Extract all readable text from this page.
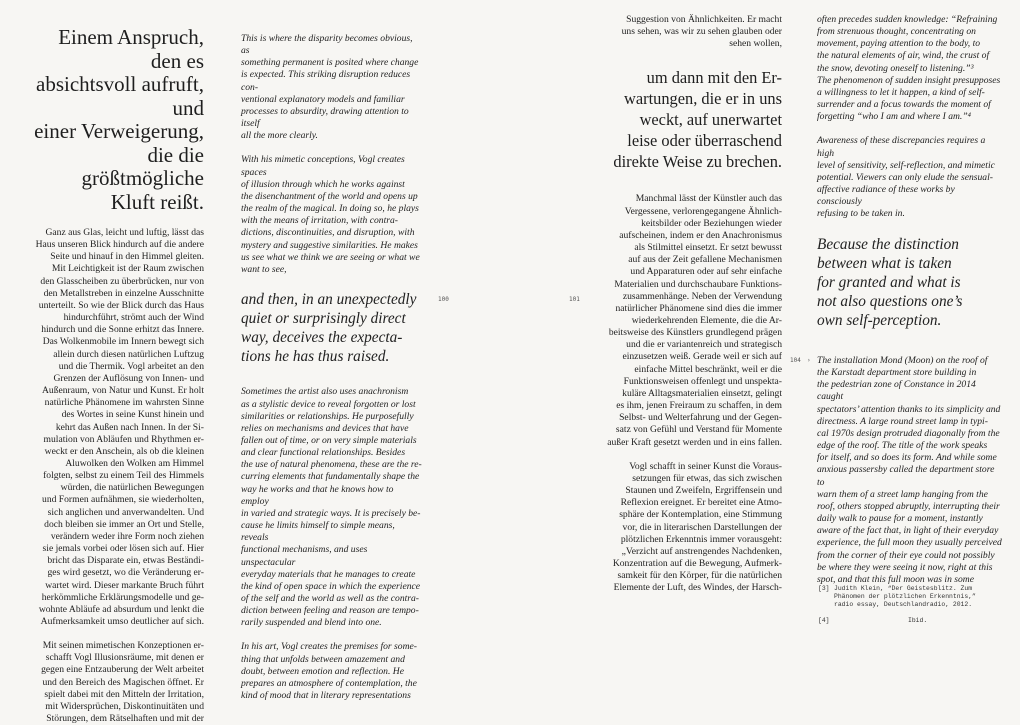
Einem Anspruch, den es
absichtsvoll aufruft, und
einer Verweigerung, die die
größtmögliche Kluft reißt.

Ganz aus Glas, leicht und luftig, lässt das
Haus unseren Blick hindurch auf die andere
Seite und hinauf in den Himmel gleiten.
Mit Leichtigkeit ist der Raum zwischen
den Glasscheiben zu überbrücken, nur von
den Metallstreben in einzelne Ausschnitte
unterteilt. So wie der Blick durch das Haus
hindurchführt, strömt auch der Wind
hindurch und die Sonne erhitzt das Innere.
Das Wolkenmobile im Innern bewegt sich
allein durch diesen natürlichen Luftzug
und die Thermik. Vogl arbeitet an den
Grenzen der Auflösung von Innen- und
Außenraum, von Natur und Kunst. Er holt
natürliche Phänomene im wahrsten Sinne
des Wortes in seine Kunst hinein und
kehrt das Außen nach Innen. In der Si-
mulation von Abläufen und Rhythmen er-
weckt er den Anschein, als ob die kleinen
Aluwolken den Wolken am Himmel
folgten, selbst zu einem Teil des Himmels
würden, die natürlichen Bewegungen
und Formen aufnähmen, sie wiederholten,
sich anglichen und anverwandelten. Und
doch bleiben sie immer an Ort und Stelle,
verändern weder ihre Form noch ziehen
sie jemals vorbei oder lösen sich auf. Hier
bricht das Disparate ein, etwas Beständi-
ges wird gesetzt, wo die Veränderung er-
wartet wird. Dieser markante Bruch führt
herkömmliche Erklärungsmodelle und ge-
wohnte Abläufe ad absurdum und lenkt die
Aufmerksamkeit umso deutlicher auf sich.

Mit seinen mimetischen Konzeptionen er-
schafft Vogl Illusionsräume, mit denen er
gegen eine Entzauberung der Welt arbeitet
und den Bereich des Magischen öffnet. Er
spielt dabei mit den Mitteln der Irritation,
mit Widersprüchen, Diskontinuitäten und
Störungen, dem Rätselhaften und mit der

This is where the disparity becomes obvious, as
something permanent is posited where change
is expected. This striking disruption reduces con-
ventional explanatory models and familiar
processes to absurdity, drawing attention to itself
all the more clearly.

With his mimetic conceptions, Vogl creates spaces
of illusion through which he works against
the disenchantment of the world and opens up
the realm of the magical. In doing so, he plays
with the means of irritation, with contra-
dictions, discontinuities, and disruption, with
mystery and suggestive similarities. He makes
us see what we think we are seeing or what we
want to see,

and then, in an unexpectedly
quiet or surprisingly direct
way, deceives the expecta-
tions he has thus raised.

Sometimes the artist also uses anachronism
as a stylistic device to reveal forgotten or lost
similarities or relationships. He purposefully
relies on mechanisms and devices that have
fallen out of time, or on very simple materials
and clear functional relationships. Besides
the use of natural phenomena, these are the re-
curring elements that fundamentally shape the
way he works and that he knows how to employ
in varied and strategic ways. It is precisely be-
cause he limits himself to simple means, reveals
functional mechanisms, and uses unspectacular
everyday materials that he manages to create
the kind of open space in which the experience
of the self and the world as well as the contra-
diction between feeling and reason are tempo-
rarily suspended and blend into one.

In his art, Vogl creates the premises for some-
thing that unfolds between amazement and
doubt, between emotion and reflection. He
prepares an atmosphere of contemplation, the
kind of mood that in literary representations

100	101

Suggestion von Ähnlichkeiten. Er macht
uns sehen, was wir zu sehen glauben oder
sehen wollen,

um dann mit den Er-
wartungen, die er in uns
weckt, auf unerwartet
leise oder überraschend
direkte Weise zu brechen.

Manchmal lässt der Künstler auch das
Vergessene, verlorengegangene Ähnlich-
keitsbilder oder Beziehungen wieder
aufscheinen, indem er den Anachronismus
als Stilmittel einsetzt. Er setzt bewusst
auf aus der Zeit gefallene Mechanismen
und Apparaturen oder auf sehr einfache
Materialien und durchschaubare Funktions-
zusammenhänge. Neben der Verwendung
natürlicher Phänomene sind dies die immer
wiederkehrenden Elemente, die die Ar-
beitsweise des Künstlers grundlegend prägen
und die er variantenreich und strategisch
einzusetzen weiß. Gerade weil er sich auf
einfache Mittel beschränkt, weil er die
Funktionsweisen offenlegt und unspekta-
kuläre Alltagsmaterialien einsetzt, gelingt
es ihm, jenen Freiraum zu schaffen, in dem
Selbst- und Welterfahrung und der Gegen-
satz von Gefühl und Verstand für Momente
außer Kraft gesetzt werden und in eins fallen.

Vogl schafft in seiner Kunst die Voraus-
setzungen für etwas, das sich zwischen
Staunen und Zweifeln, Ergriffensein und
Reflexion ereignet. Er bereitet eine Atmo-
sphäre der Kontemplation, eine Stimmung
vor, die in literarischen Darstellungen der
plötzlichen Erkenntnis immer vorausgeht:
„Verzicht auf anstrengendes Nachdenken,
Konzentration auf die Bewegung, Aufmerk-
samkeit für den Körper, für die natürlichen
Elemente der Luft, des Windes, der Harsch-

often precedes sudden knowledge: “Refraining
from strenuous thought, concentrating on
movement, paying attention to the body, to
the natural elements of air, wind, the crust of
the snow, devoting oneself to listening.”³
The phenomenon of sudden insight presupposes
a willingness to let it happen, a kind of self-
surrender and a focus towards the moment of
forgetting “who I am and where I am.”⁴

Awareness of these discrepancies requires a high
level of sensitivity, self-reflection, and mimetic
potential. Viewers can only elude the sensual-
affective radiance of these works by consciously
refusing to be taken in.

Because the distinction
between what is taken
for granted and what is
not also questions one’s
own self-perception.

104 › The installation Mond (Moon) on the roof of
the Karstadt department store building in
the pedestrian zone of Constance in 2014 caught
spectators’ attention thanks to its simplicity and
directness. A large round street lamp in typi-
cal 1970s design protruded diagonally from the
edge of the roof. The title of the work speaks
for itself, and so does its form. And while some
anxious passersby called the department store to
warn them of a street lamp hanging from the
roof, others stopped abruptly, interrupting their
daily walk to pause for a moment, instantly
aware of the fact that, in light of their everyday
experience, the full moon they usually perceived
from the corner of their eye could not possibly
be where they were seeing it now, right at this
spot, and that this full moon was in some

[3] Judith Klein, “Der Geistesblitz. Zum
Phänomen der plötzlichen Erkenntnis,”
radio essay, Deutschlandradio, 2012.

[4]	Ibid.
